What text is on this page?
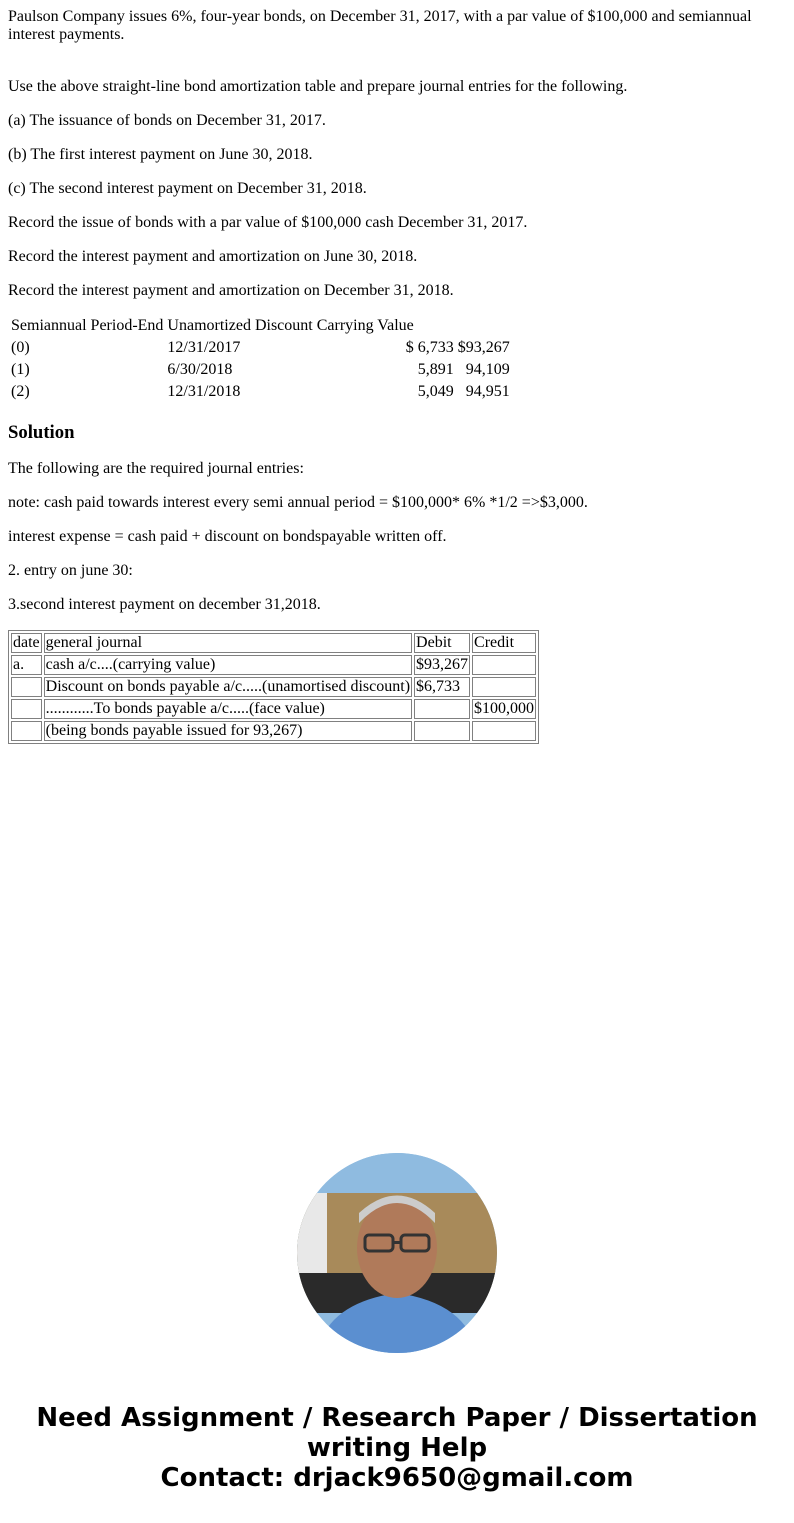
Paulson Company issues 6%, four-year bonds, on December 31, 2017, with a par value of $100,000 and semiannual interest payments.

Use the above straight-line bond amortization table and prepare journal entries for the following.

(a) The issuance of bonds on December 31, 2017.

(b) The first interest payment on June 30, 2018.

(c) The second interest payment on December 31, 2018.

Record the issue of bonds with a par value of $100,000 cash December 31, 2017.

Record the interest payment and amortization on June 30, 2018.

Record the interest payment and amortization on December 31, 2018.

Semiannual Period-End	Unamortized Discount	Carrying Value			
(0)	12/31/2017		$	6,733	$93,267
(1)	6/30/2018			5,891	94,109
(2)	12/31/2018			5,049	94,951
Solution

The following are the required journal entries:

note: cash paid towards interest every semi annual period = $100,000* 6% *1/2 =>$3,000.

interest expense = cash paid + discount on bondspayable written off.

2. entry on june 30:

3.second interest payment on december 31,2018.

date	general journal	Debit	Credit
a.	cash a/c....(carrying value)	$93,267	
	Discount on bonds payable a/c.....(unamortised discount)	$6,733	
	............To bonds payable a/c.....(face value)		$100,000
	(being bonds payable issued for 93,267)		
Need Assignment / Research Paper / Dissertation writing Help
Contact: drjack9650@gmail.com
